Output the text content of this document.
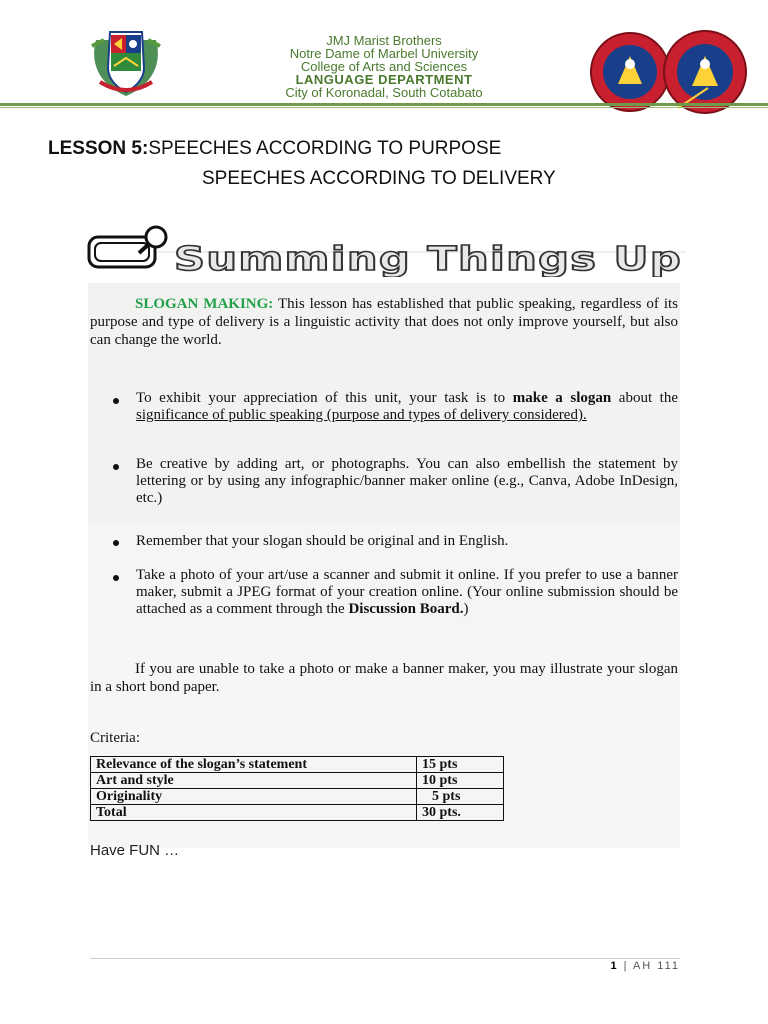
JMJ Marist Brothers
Notre Dame of Marbel University
College of Arts and Sciences
LANGUAGE DEPARTMENT
City of Koronadal, South Cotabato
LESSON 5:SPEECHES ACCORDING TO PURPOSE
SPEECHES ACCORDING TO DELIVERY
Summing Things Up
SLOGAN MAKING: This lesson has established that public speaking, regardless of its purpose and type of delivery is a linguistic activity that does not only improve yourself, but also can change the world.
To exhibit your appreciation of this unit, your task is to make a slogan about the significance of public speaking (purpose and types of delivery considered).
Be creative by adding art, or photographs. You can also embellish the statement by lettering or by using any infographic/banner maker online (e.g., Canva, Adobe InDesign, etc.)
Remember that your slogan should be original and in English.
Take a photo of your art/use a scanner and submit it online. If you prefer to use a banner maker, submit a JPEG format of your creation online. (Your online submission should be attached as a comment through the Discussion Board.)
If you are unable to take a photo or make a banner maker, you may illustrate your slogan in a short bond paper.
Criteria:
Relevance of the slogan’s statement	15 pts
Art and style	10 pts
Originality	5 pts
Total	30 pts.
Have FUN …
1 | AH 111
